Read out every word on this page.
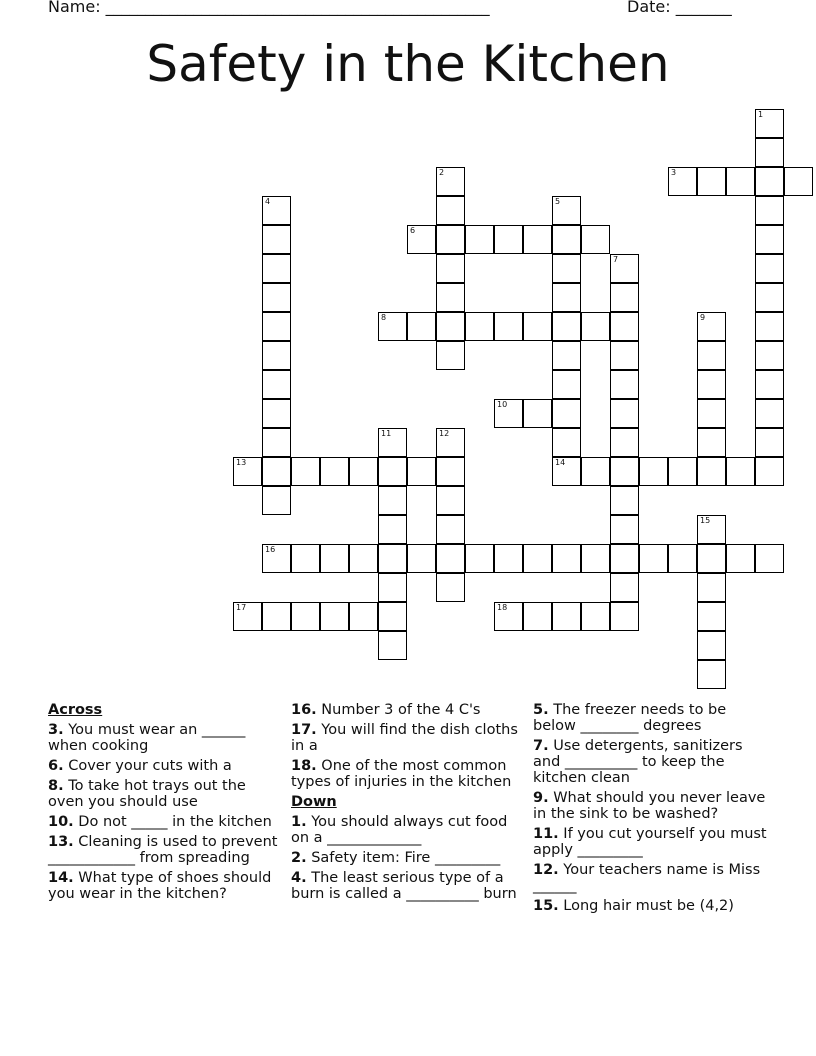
Name: ________________________________________________	Date: _______
Safety in the Kitchen
1
2	3
4	5
6
7
8	9
10
11	12
13	14
15
16
17	18
Across
3. You must wear an ______ when cooking
6. Cover your cuts with a
8. To take hot trays out the oven you should use
10. Do not _____ in the kitchen
13. Cleaning is used to prevent ____________ from spreading
14. What type of shoes should you wear in the kitchen?
16. Number 3 of the 4 C's
17. You will find the dish cloths in a
18. One of the most common types of injuries in the kitchen
Down
1. You should always cut food on a _____________
2. Safety item: Fire _________
4. The least serious type of a burn is called a __________ burn
5. The freezer needs to be below ________ degrees
7. Use detergents, sanitizers and __________ to keep the kitchen clean
9. What should you never leave in the sink to be washed?
11. If you cut yourself you must apply _________
12. Your teachers name is Miss ______
15. Long hair must be (4,2)
